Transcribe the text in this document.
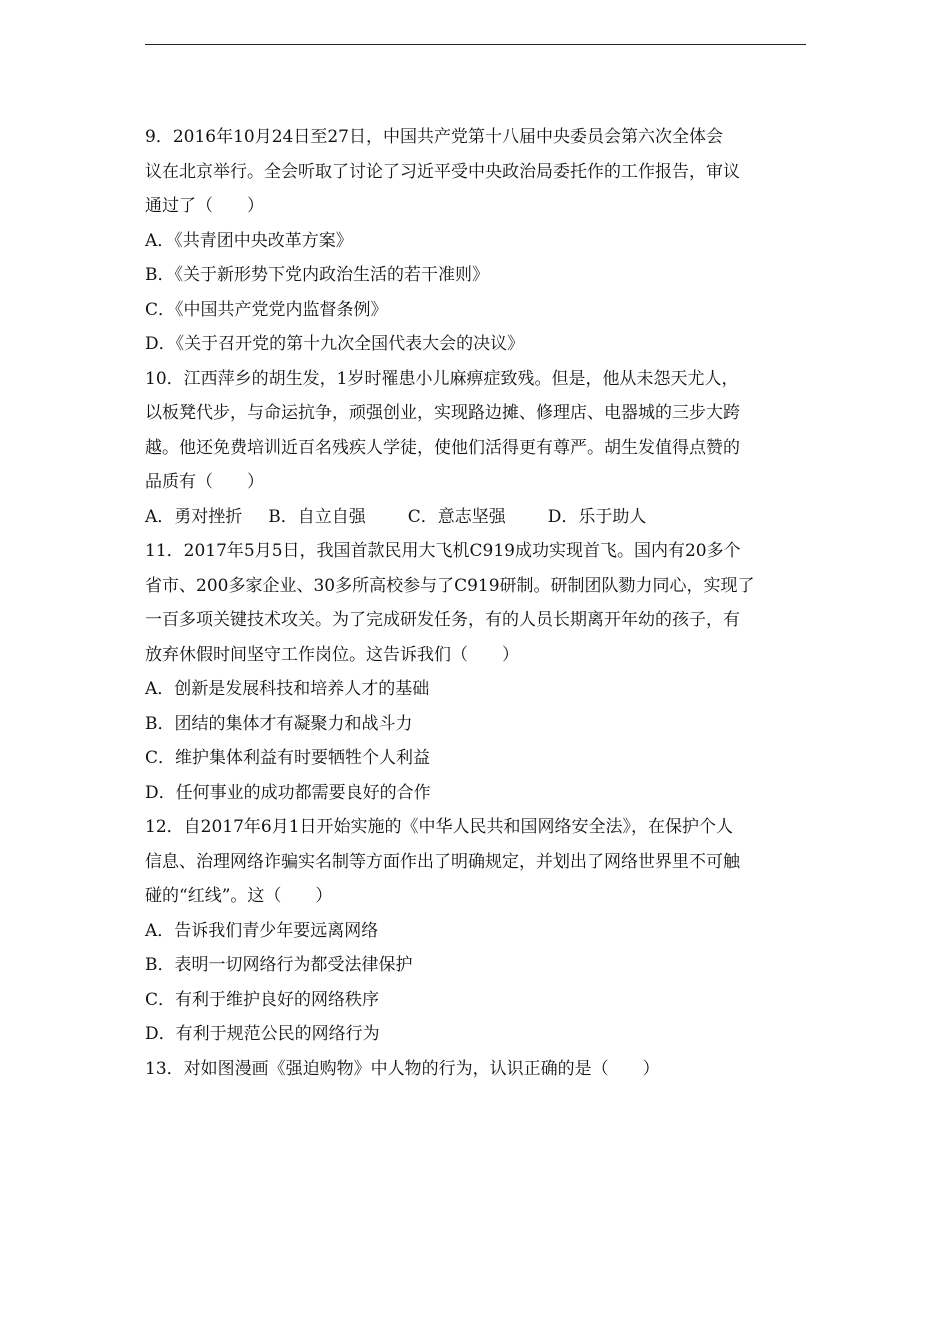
9．2016年10月24日至27日，中国共产党第十八届中央委员会第六次全体会
议在北京举行。全会听取了讨论了习近平受中央政治局委托作的工作报告，审议
通过了（　　）
A．《共青团中央改革方案》
B．《关于新形势下党内政治生活的若干准则》
C．《中国共产党党内监督条例》
D．《关于召开党的第十九次全国代表大会的决议》
10．江西萍乡的胡生发，1岁时罹患小儿麻痹症致残。但是，他从未怨天尤人，
以板凳代步，与命运抗争，顽强创业，实现路边摊、修理店、电器城的三步大跨
越。他还免费培训近百名残疾人学徒，使他们活得更有尊严。胡生发值得点赞的
品质有（　　）
A．勇对挫折 B．自立自强 C．意志坚强 D．乐于助人
11．2017年5月5日，我国首款民用大飞机C919成功实现首飞。国内有20多个
省市、200多家企业、30多所高校参与了C919研制。研制团队勠力同心，实现了
一百多项关键技术攻关。为了完成研发任务，有的人员长期离开年幼的孩子，有
放弃休假时间坚守工作岗位。这告诉我们（　　）
A．创新是发展科技和培养人才的基础
B．团结的集体才有凝聚力和战斗力
C．维护集体利益有时要牺牲个人利益
D．任何事业的成功都需要良好的合作
12．自2017年6月1日开始实施的《中华人民共和国网络安全法》，在保护个人
信息、治理网络诈骗实名制等方面作出了明确规定，并划出了网络世界里不可触
碰的“红线”。这（　　）
A．告诉我们青少年要远离网络
B．表明一切网络行为都受法律保护
C．有利于维护良好的网络秩序
D．有利于规范公民的网络行为
13．对如图漫画《强迫购物》中人物的行为，认识正确的是（　　）
